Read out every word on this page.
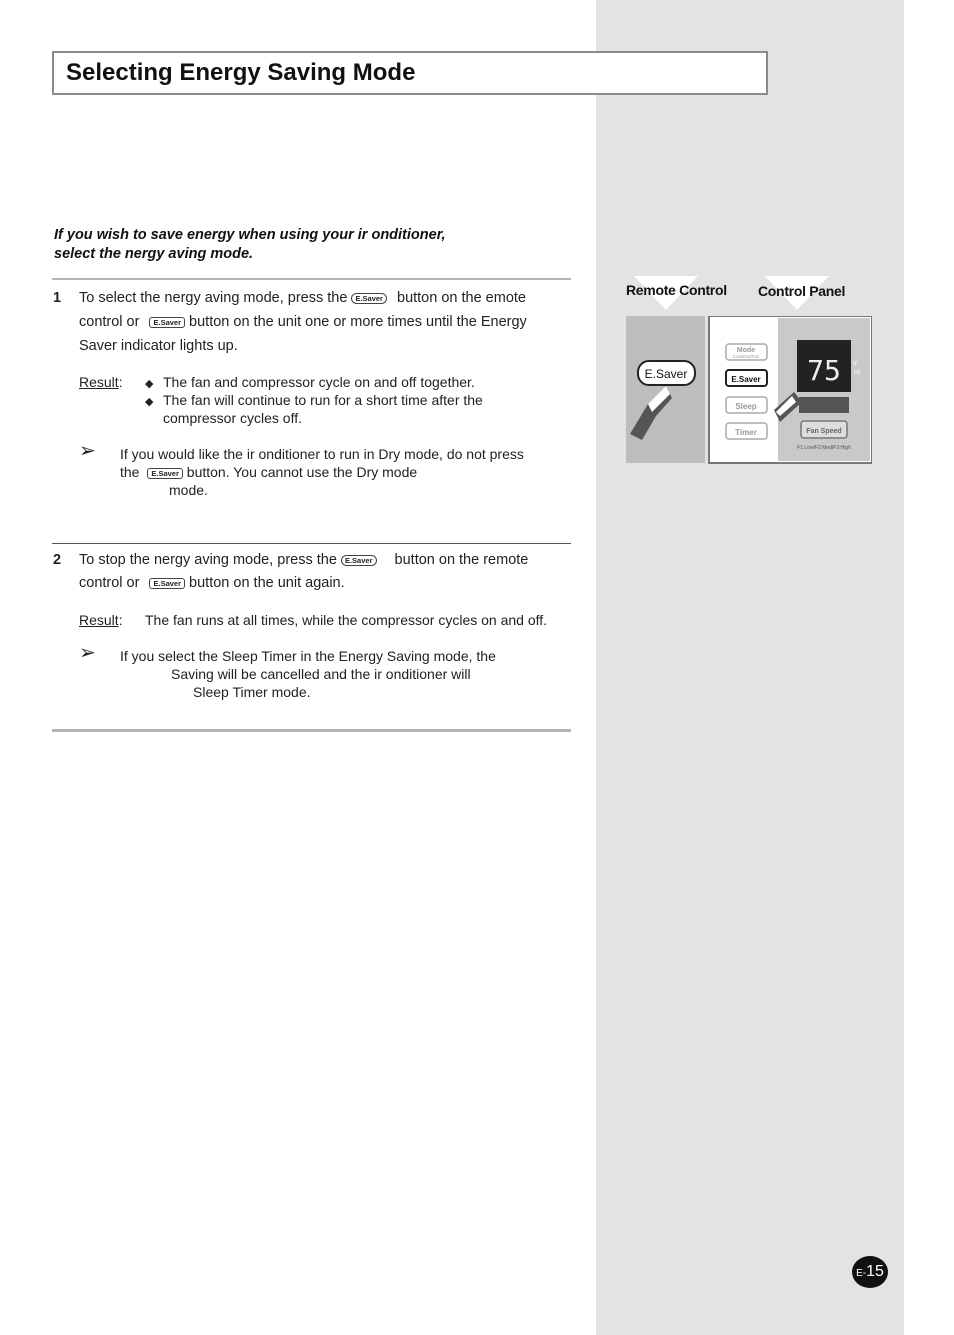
Selecting Energy Saving Mode
If you wish to save energy when using your ir onditioner,
select the nergy aving mode.
1 To select the nergy aving mode, press the E.Saver button on the emote
control or E.Saver button on the unit one or more times until the Energy
Saver indicator lights up.
Result: ◆ The fan and compressor cycle on and off together.
◆ The fan will continue to run for a short time after the
compressor cycles off.
➢ If you would like the ir onditioner to run in Dry mode, do not press
the E.Saver button. You cannot use the Dry mode
mode.
2 To stop the nergy aving mode, press the E.Saver button on the remote
control or E.Saver button on the unit again.
Result: The fan runs at all times, while the compressor cycles on and off.
➢ If you select the Sleep Timer in the Energy Saving mode, the
Saving will be cancelled and the ir onditioner will
Sleep Timer mode.
Remote Control Control Panel
E.Saver
Mode
Cool/Dry/Fan
E.Saver
Sleep
Timer
75 °F
Hr.
Fan Speed
F1:Low/F2:Med/F3:High
E-15
